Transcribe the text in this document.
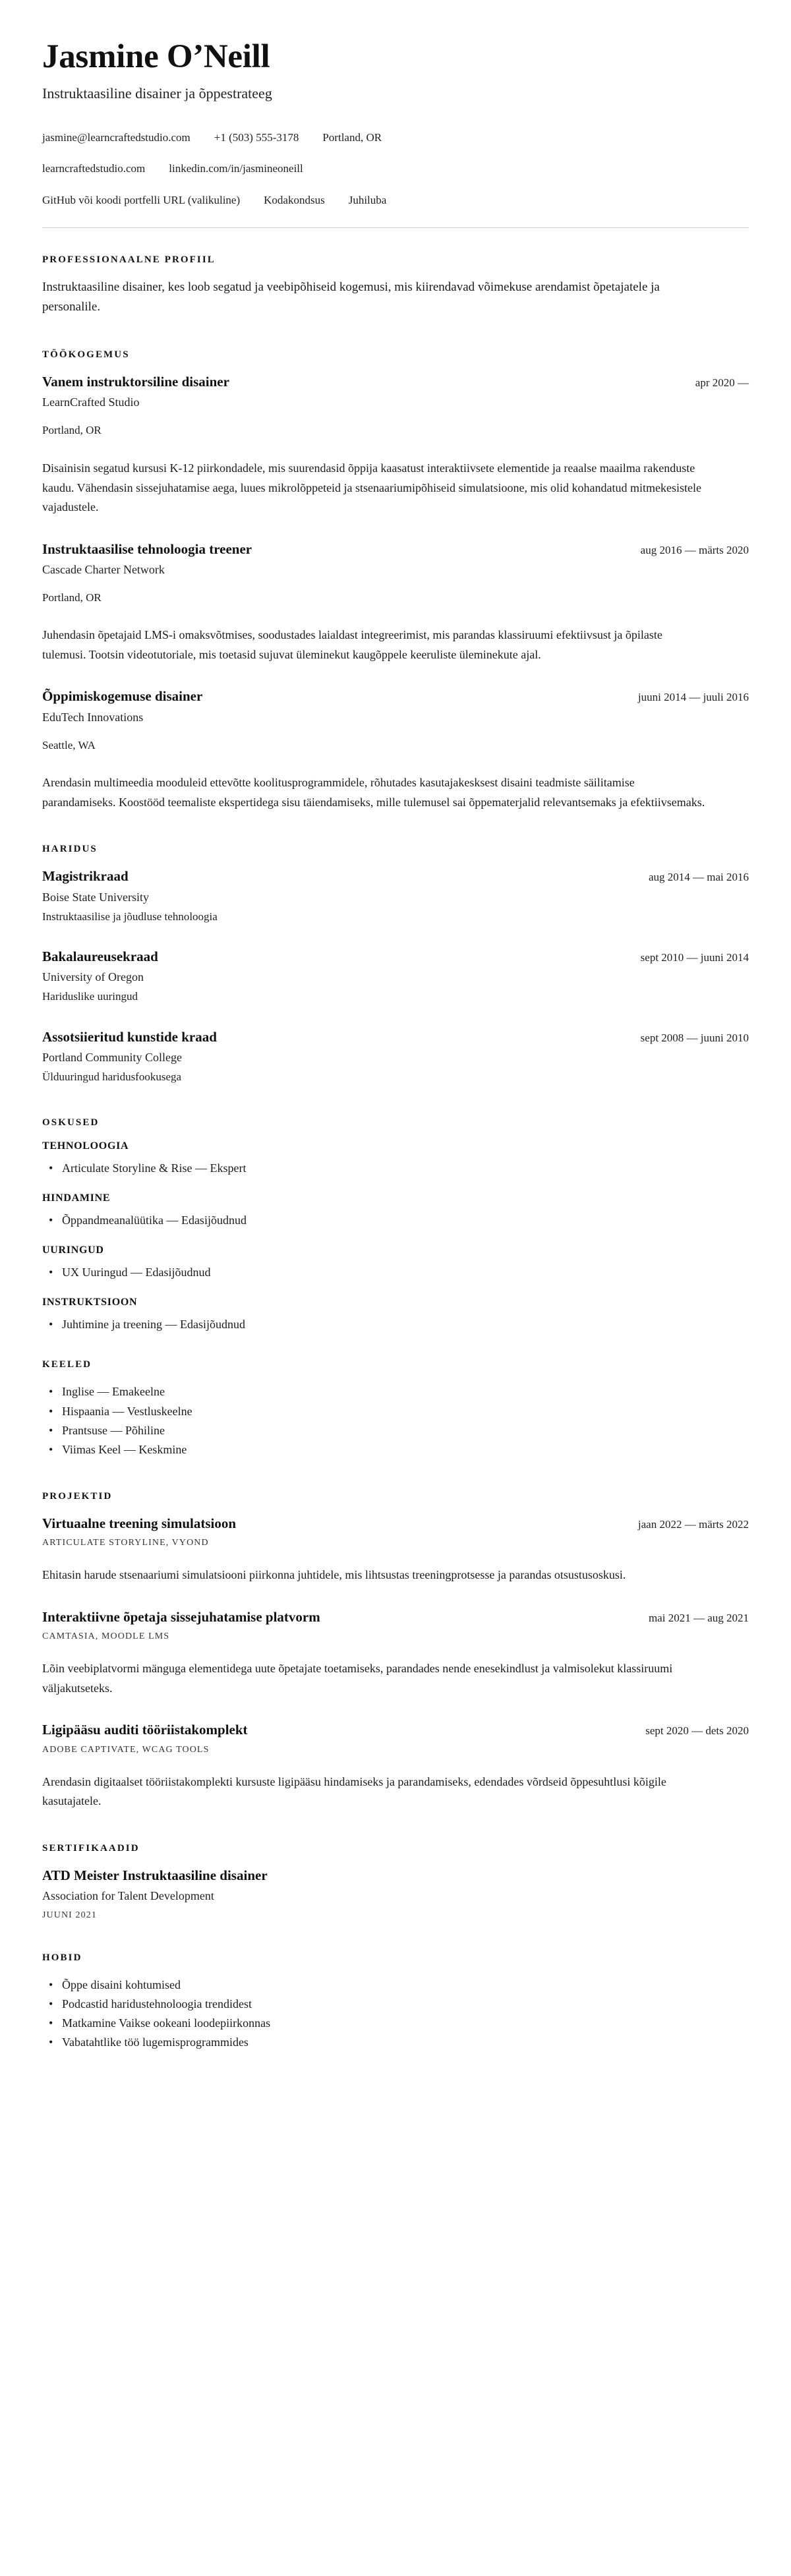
Jasmine O’Neill
Instruktaasiline disainer ja õppestrateeg
jasmine@learncraftedstudio.com +1 (503) 555-3178 Portland, OR
learncraftedstudio.com linkedin.com/in/jasmineoneill
GitHub või koodi portfelli URL (valikuline) Kodakondsus Juhiluba
PROFESSIONAALNE PROFIIL

Instruktaasiline disainer, kes loob segatud ja veebipõhiseid kogemusi, mis kiirendavad võimekuse arendamist õpetajatele ja personalile.

TÖÖKOGEMUS
Vanem instruktorsiline disainer	apr 2020 —
LearnCrafted Studio
Portland, OR
Disainisin segatud kursusi K-12 piirkondadele, mis suurendasid õppija kaasatust interaktiivsete elementide ja reaalse maailma rakenduste kaudu. Vähendasin sissejuhatamise aega, luues mikrolõppeteid ja stsenaariumipõhiseid simulatsioone, mis olid kohandatud mitmekesistele vajadustele.
Instruktaasilise tehnoloogia treener	aug 2016 — märts 2020
Cascade Charter Network
Portland, OR
Juhendasin õpetajaid LMS-i omaksvõtmises, soodustades laialdast integreerimist, mis parandas klassiruumi efektiivsust ja õpilaste tulemusi. Tootsin videotutoriale, mis toetasid sujuvat üleminekut kaugõppele keeruliste üleminekute ajal.
Õppimiskogemuse disainer	juuni 2014 — juuli 2016
EduTech Innovations
Seattle, WA
Arendasin multimeedia mooduleid ettevõtte koolitusprogrammidele, rõhutades kasutajakesksest disaini teadmiste säilitamise parandamiseks. Koostööd teemaliste ekspertidega sisu täiendamiseks, mille tulemusel sai õppematerjalid relevantsemaks ja efektiivsemaks.
HARIDUS
Magistrikraad	aug 2014 — mai 2016
Boise State University
Instruktaasilise ja jõudluse tehnoloogia
Bakalaureusekraad	sept 2010 — juuni 2014
University of Oregon
Hariduslike uuringud
Assotsiieritud kunstide kraad	sept 2008 — juuni 2010
Portland Community College
Ülduuringud haridusfookusega
OSKUSED
TEHNOLOOGIA
• Articulate Storyline & Rise — Ekspert
HINDAMINE
• Õppandmeanalüütika — Edasijõudnud
UURINGUD
• UX Uuringud — Edasijõudnud
INSTRUKTSIOON
• Juhtimine ja treening — Edasijõudnud
KEELED
• Inglise — Emakeelne
• Hispaania — Vestluskeelne
• Prantsuse — Põhiline
• Viimas Keel — Keskmine
PROJEKTID
Virtuaalne treening simulatsioon	jaan 2022 — märts 2022
ARTICULATE STORYLINE, VYOND
Ehitasin harude stsenaariumi simulatsiooni piirkonna juhtidele, mis lihtsustas treeningprotsesse ja parandas otsustusoskusi.
Interaktiivne õpetaja sissejuhatamise platvorm	mai 2021 — aug 2021
CAMTASIA, MOODLE LMS
Lõin veebiplatvormi mänguga elementidega uute õpetajate toetamiseks, parandades nende enesekindlust ja valmisolekut klassiruumi väljakutseteks.
Ligipääsu auditi tööriistakomplekt	sept 2020 — dets 2020
ADOBE CAPTIVATE, WCAG TOOLS
Arendasin digitaalset tööriistakomplekti kursuste ligipääsu hindamiseks ja parandamiseks, edendades võrdseid õppesuhtlusi kõigile kasutajatele.
SERTIFIKAADID
ATD Meister Instruktaasiline disainer
Association for Talent Development
JUUNI 2021
HOBID
• Õppe disaini kohtumised
• Podcastid haridustehnoloogia trendidest
• Matkamine Vaikse ookeani loodepiirkonnas
• Vabatahtlike töö lugemisprogrammides
